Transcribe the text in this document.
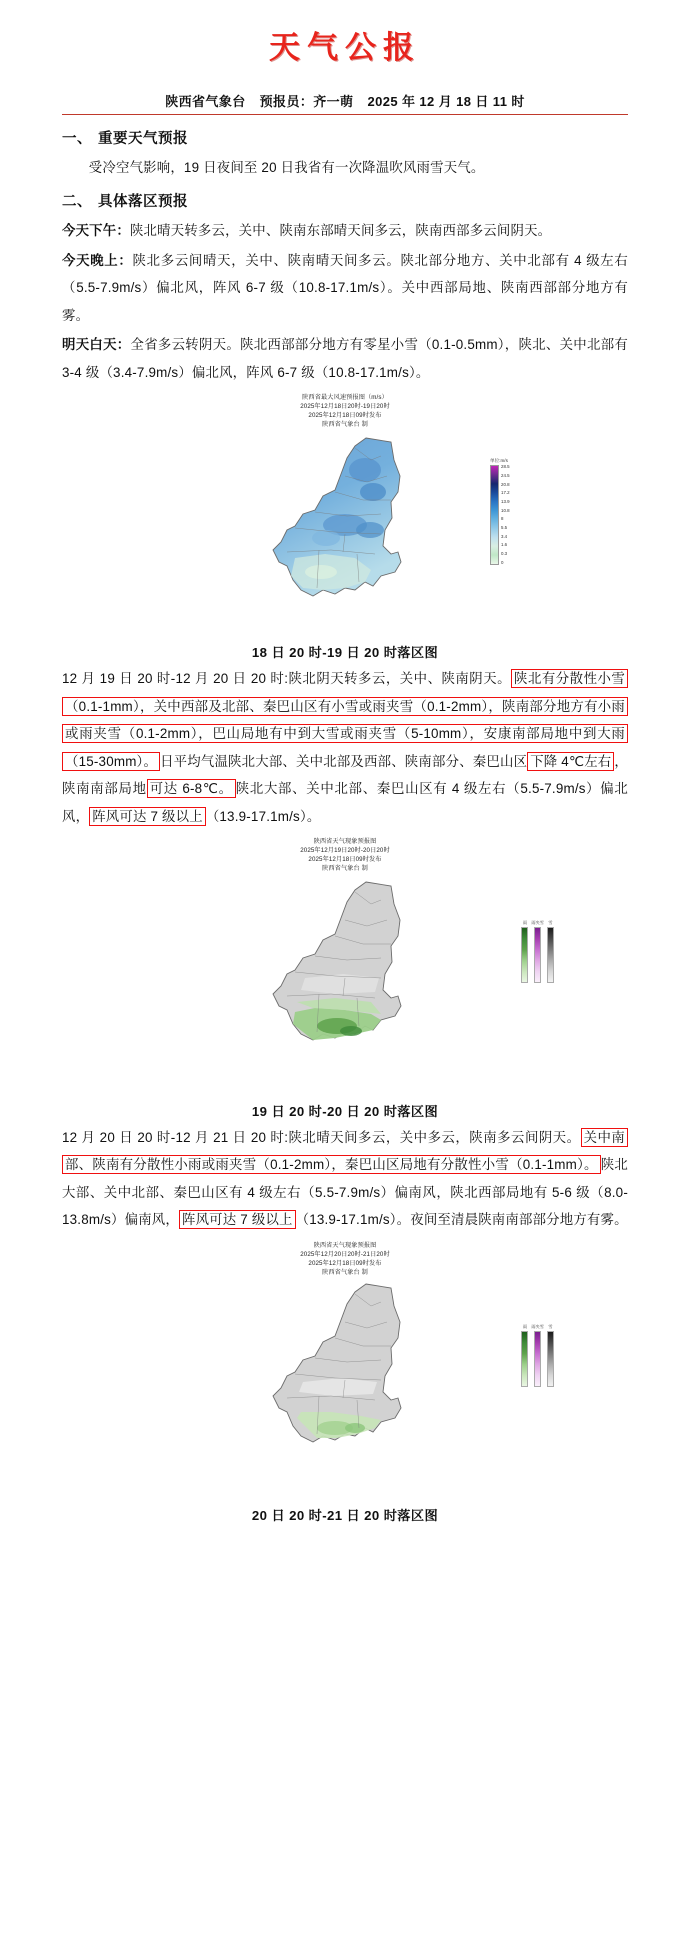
天气公报
陕西省气象台 预报员：齐一萌 2025 年 12 月 18 日 11 时
一、 重要天气预报

受冷空气影响，19 日夜间至 20 日我省有一次降温吹风雨雪天气。

二、 具体落区预报

今天下午：陕北晴天转多云，关中、陕南东部晴天间多云，陕南西部多云间阴天。

今天晚上：陕北多云间晴天，关中、陕南晴天间多云。陕北部分地方、关中北部有 4 级左右（5.5-7.9m/s）偏北风，阵风 6-7 级（10.8-17.1m/s）。关中西部局地、陕南西部部分地方有雾。

明天白天：全省多云转阴天。陕北西部部分地方有零星小雪（0.1-0.5mm），陕北、关中北部有 3-4 级（3.4-7.9m/s）偏北风，阵风 6-7 级（10.8-17.1m/s）。

陕西省最大风速预报图（m/s）
2025年12月18日20时-19日20时
2025年12月18日09时发布
陕西省气象台 制
单位:m/s
28.5
24.5
20.8
17.2
13.9
10.8
8
5.5
3.4
1.6
0.3
0
18 日 20 时-19 日 20 时落区图

12 月 19 日 20 时-12 月 20 日 20 时:陕北阴天转多云，关中、陕南阴天。 陕北有分散性小雪（0.1-1mm），关中西部及北部、秦巴山区有小雪或雨夹雪（0.1-2mm），陕南部分地方有小雨或雨夹雪（0.1-2mm），巴山局地有中到大雪或雨夹雪（5-10mm），安康南部局地中到大雨（15-30mm）。 日平均气温陕北大部、关中北部及西部、陕南部分、秦巴山区 下降 4℃左右 ，陕南南部局地 可达 6-8℃。 陕北大部、关中北部、秦巴山区有 4 级左右（5.5-7.9m/s）偏北风， 阵风可达 7 级以上 （13.9-17.1m/s）。

陕西省天气现象预报图
2025年12月19日20时-20日20时
2025年12月18日09时发布
陕西省气象台 制
雨 雨夹雪 雪
19 日 20 时-20 日 20 时落区图

12 月 20 日 20 时-12 月 21 日 20 时:陕北晴天间多云，关中多云，陕南多云间阴天。 关中南部、陕南有分散性小雨或雨夹雪（0.1-2mm），秦巴山区局地有分散性小雪（0.1-1mm）。 陕北大部、关中北部、秦巴山区有 4 级左右（5.5-7.9m/s）偏南风，陕北西部局地有 5-6 级（8.0-13.8m/s）偏南风， 阵风可达 7 级以上 （13.9-17.1m/s）。夜间至清晨陕南南部部分地方有雾。

陕西省天气现象预报图
2025年12月20日20时-21日20时
2025年12月18日09时发布
陕西省气象台 制
雨 雨夹雪 雪
20 日 20 时-21 日 20 时落区图
